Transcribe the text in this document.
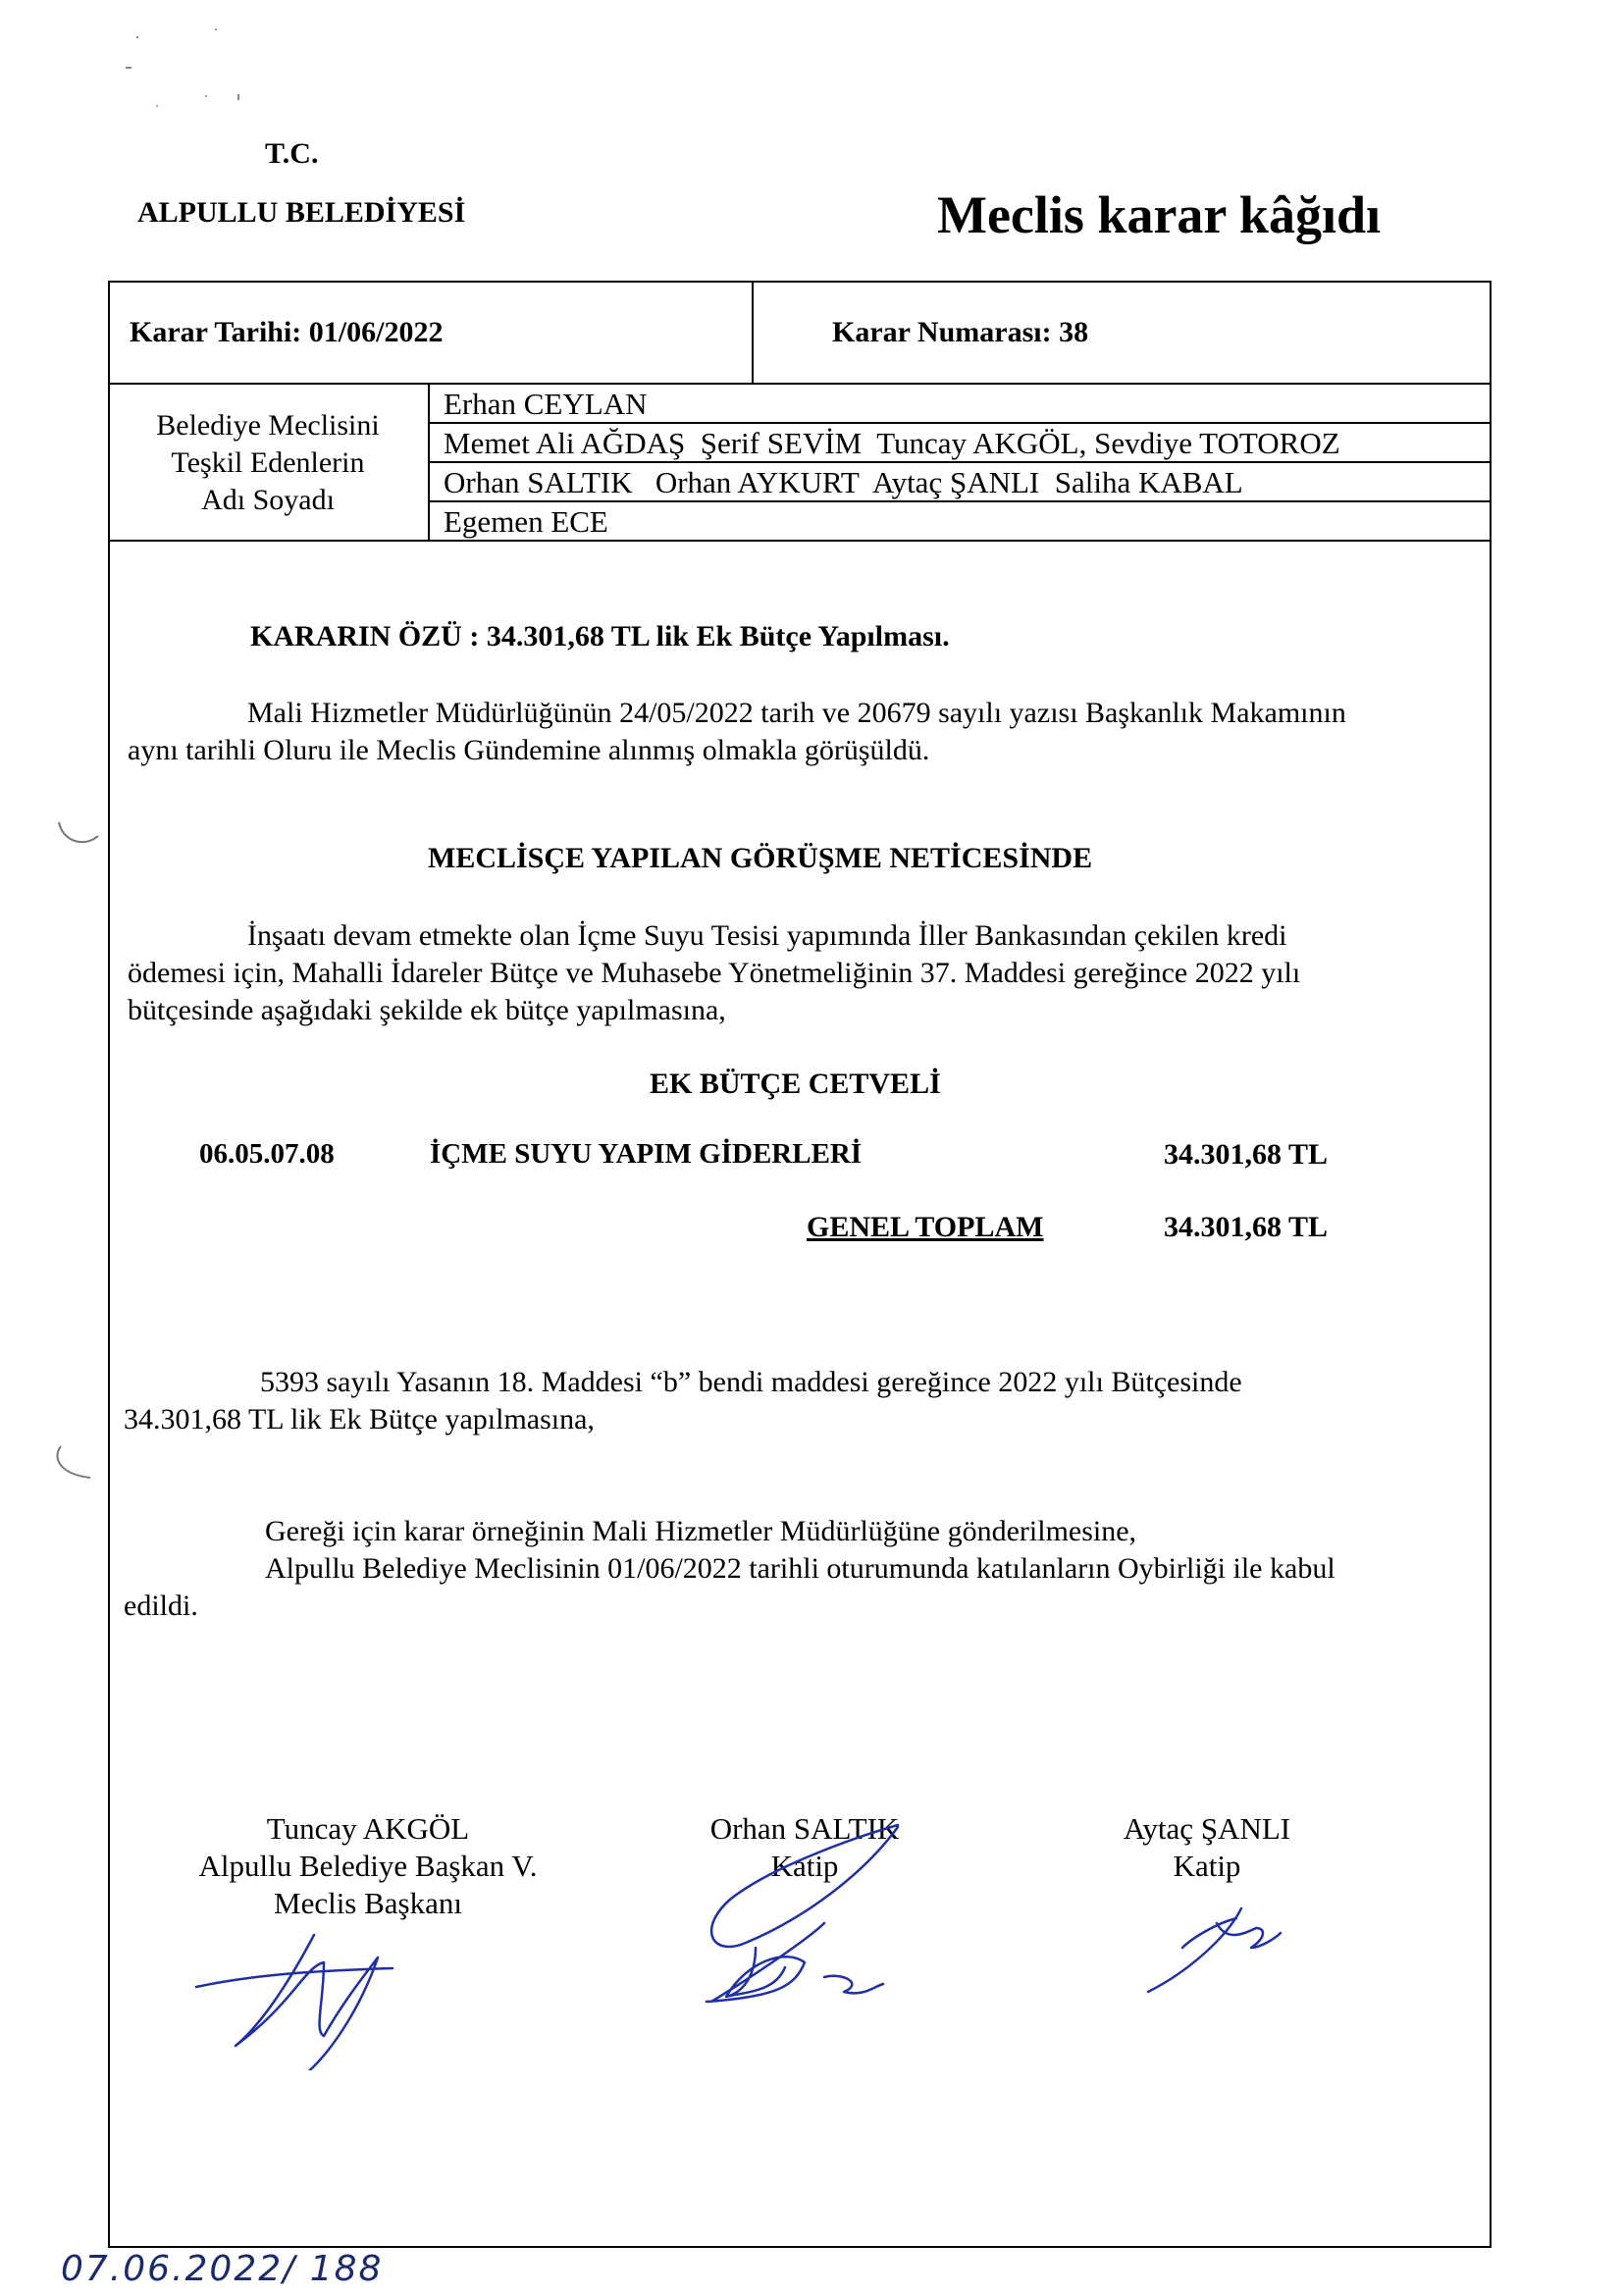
T.C.
ALPULLU BELEDİYESİ	Meclis karar kâğıdı
Karar Tarihi: 01/06/2022	Karar Numarası: 38
Belediye Meclisini
Teşkil Edenlerin
Adı Soyadı
Erhan CEYLAN
Memet Ali AĞDAŞ  Şerif SEVİM  Tuncay AKGÖL, Sevdiye TOTOROZ
Orhan SALTIK   Orhan AYKURT  Aytaç ŞANLI  Saliha KABAL
Egemen ECE
KARARIN ÖZÜ : 34.301,68 TL lik Ek Bütçe Yapılması.
Mali Hizmetler Müdürlüğünün 24/05/2022 tarih ve 20679 sayılı yazısı Başkanlık Makamının
aynı tarihli Oluru ile Meclis Gündemine alınmış olmakla görüşüldü.
MECLİSÇE YAPILAN GÖRÜŞME NETİCESİNDE
İnşaatı devam etmekte olan İçme Suyu Tesisi yapımında İller Bankasından çekilen kredi
ödemesi için, Mahalli İdareler Bütçe ve Muhasebe Yönetmeliğinin 37. Maddesi gereğince 2022 yılı
bütçesinde aşağıdaki şekilde ek bütçe yapılmasına,
EK BÜTÇE CETVELİ
06.05.07.08	İÇME SUYU YAPIM GİDERLERİ	34.301,68 TL
GENEL TOPLAM	34.301,68 TL
5393 sayılı Yasanın 18. Maddesi “b” bendi maddesi gereğince 2022 yılı Bütçesinde
34.301,68 TL lik Ek Bütçe yapılmasına,
Gereği için karar örneğinin Mali Hizmetler Müdürlüğüne gönderilmesine,
Alpullu Belediye Meclisinin 01/06/2022 tarihli oturumunda katılanların Oybirliği ile kabul
edildi.
Tuncay AKGÖL
Alpullu Belediye Başkan V.
Meclis Başkanı
Orhan SALTIK
Katip
Aytaç ŞANLI
Katip
07.06.2022/ 188
